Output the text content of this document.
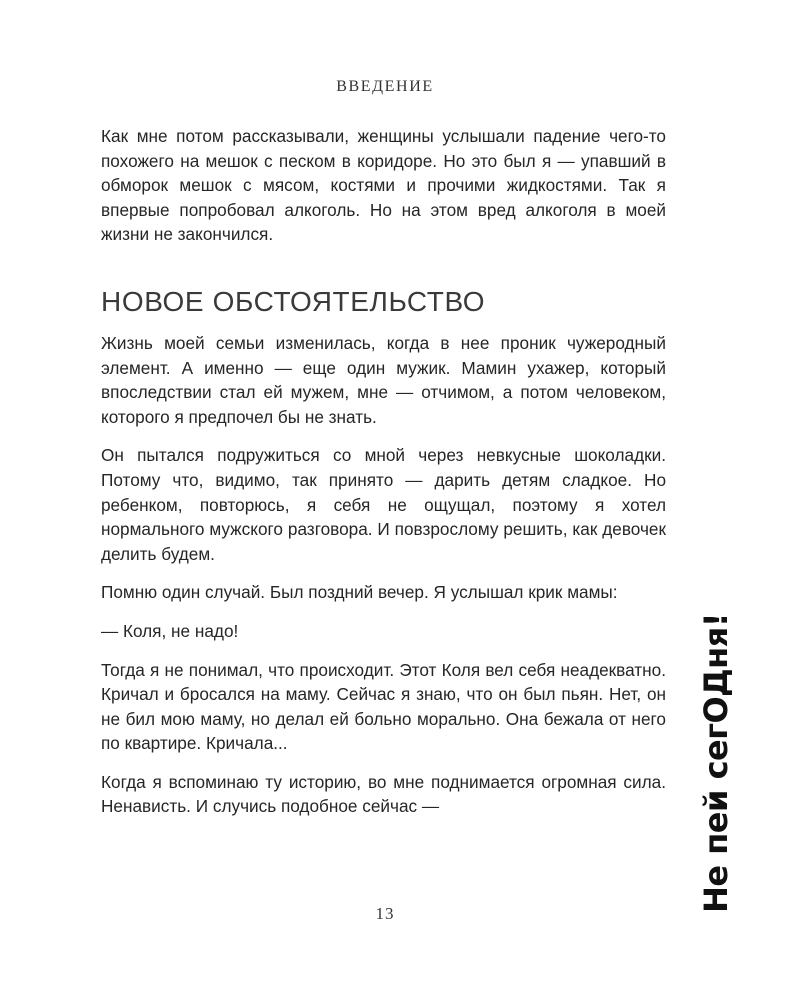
ВВЕДЕНИЕ

Как мне потом рассказывали, женщины услышали падение чего-то похожего на мешок с песком в коридоре. Но это был я — упавший в обморок мешок с мясом, костями и прочими жидкостями. Так я впервые попробовал алкоголь. Но на этом вред алкоголя в моей жизни не закончился.

НОВОЕ ОБСТОЯТЕЛЬСТВО

Жизнь моей семьи изменилась, когда в нее проник чужеродный элемент. А именно — еще один мужик. Мамин ухажер, который впоследствии стал ей мужем, мне — отчимом, а потом человеком, которого я предпочел бы не знать.

Он пытался подружиться со мной через невкусные шоколадки. Потому что, видимо, так принято — дарить детям сладкое. Но ребенком, повторюсь, я себя не ощущал, поэтому я хотел нормального мужского разговора. И повзрослому решить, как девочек делить будем.

Помню один случай. Был поздний вечер. Я услышал крик мамы:

— Коля, не надо!

Тогда я не понимал, что происходит. Этот Коля вел себя неадекватно. Кричал и бросался на маму. Сейчас я знаю, что он был пьян. Нет, он не бил мою маму, но делал ей больно морально. Она бежала от него по квартире. Кричала...

Когда я вспоминаю ту историю, во мне поднимается огромная сила. Ненависть. И случись подобное сейчас —	Не пей сегОДня!
13
